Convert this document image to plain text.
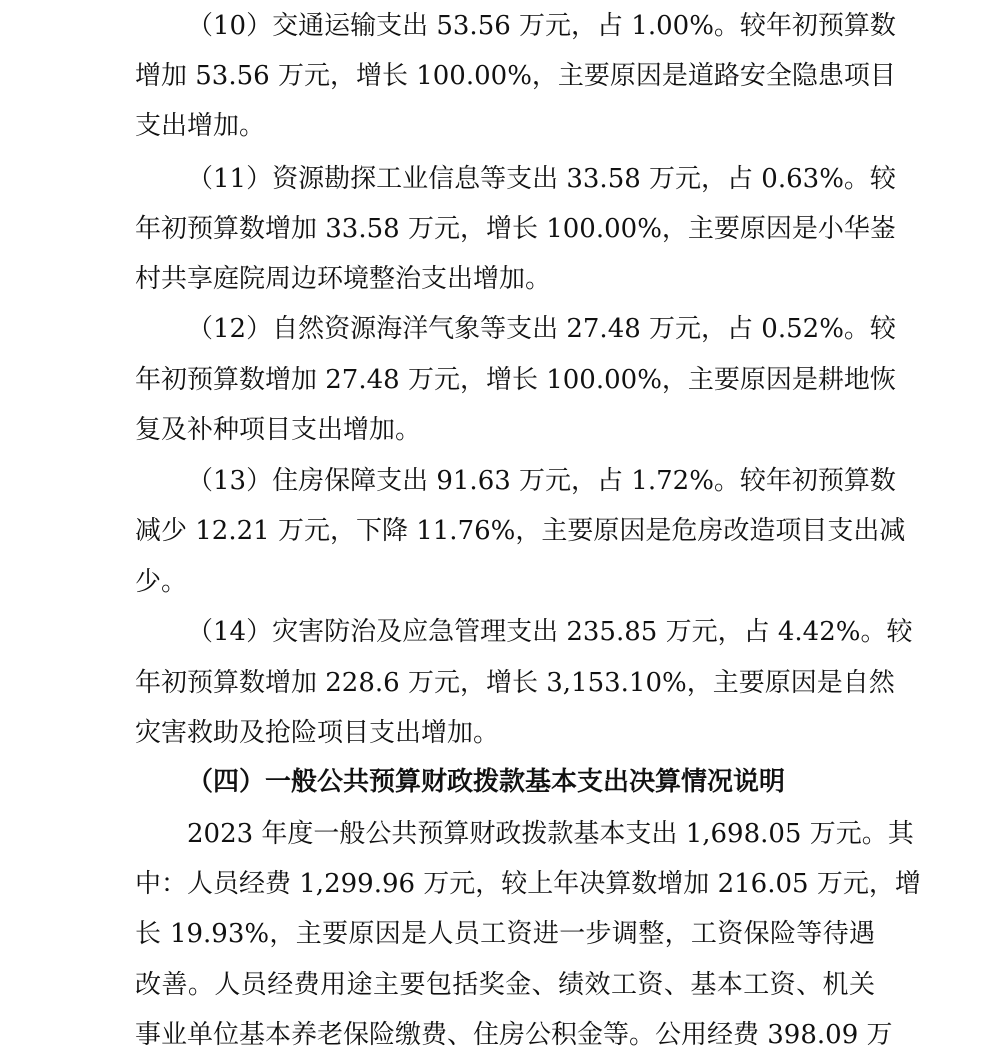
（10）交通运输支出 53.56 万元，占 1.00%。较年初预算数
增加 53.56 万元，增长 100.00%，主要原因是道路安全隐患项目
支出增加。
（11）资源勘探工业信息等支出 33.58 万元，占 0.63%。较
年初预算数增加 33.58 万元，增长 100.00%，主要原因是小华崟
村共享庭院周边环境整治支出增加。
（12）自然资源海洋气象等支出 27.48 万元，占 0.52%。较
年初预算数增加 27.48 万元，增长 100.00%，主要原因是耕地恢
复及补种项目支出增加。
（13）住房保障支出 91.63 万元，占 1.72%。较年初预算数
减少 12.21 万元，下降 11.76%，主要原因是危房改造项目支出减
少。
（14）灾害防治及应急管理支出 235.85 万元，占 4.42%。较
年初预算数增加 228.6 万元，增长 3,153.10%，主要原因是自然
灾害救助及抢险项目支出增加。
（四）一般公共预算财政拨款基本支出决算情况说明
2023 年度一般公共预算财政拨款基本支出 1,698.05 万元。其
中：人员经费 1,299.96 万元，较上年决算数增加 216.05 万元，增
长 19.93%，主要原因是人员工资进一步调整，工资保险等待遇
改善。人员经费用途主要包括奖金、绩效工资、基本工资、机关
事业单位基本养老保险缴费、住房公积金等。公用经费 398.09 万
